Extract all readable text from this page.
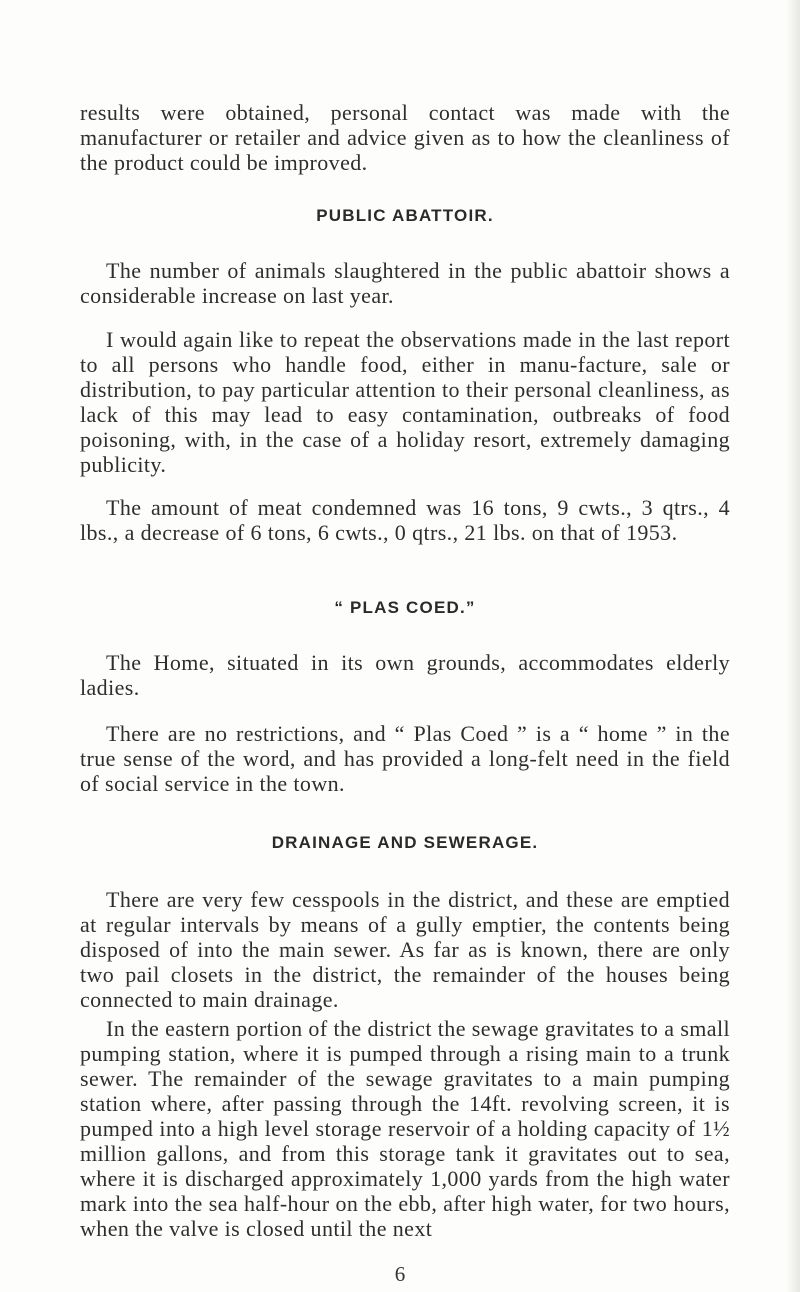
results were obtained, personal contact was made with the manufacturer or retailer and advice given as to how the cleanliness of the product could be improved.

PUBLIC ABATTOIR.

The number of animals slaughtered in the public abattoir shows a considerable increase on last year.

I would again like to repeat the observations made in the last report to all persons who handle food, either in manu-facture, sale or distribution, to pay particular attention to their personal cleanliness, as lack of this may lead to easy contamination, outbreaks of food poisoning, with, in the case of a holiday resort, extremely damaging publicity.

The amount of meat condemned was 16 tons, 9 cwts., 3 qtrs., 4 lbs., a decrease of 6 tons, 6 cwts., 0 qtrs., 21 lbs. on that of 1953.

“ PLAS COED.”

The Home, situated in its own grounds, accommodates elderly ladies.

There are no restrictions, and “ Plas Coed ” is a “ home ” in the true sense of the word, and has provided a long-felt need in the field of social service in the town.

DRAINAGE AND SEWERAGE.

There are very few cesspools in the district, and these are emptied at regular intervals by means of a gully emptier, the contents being disposed of into the main sewer. As far as is known, there are only two pail closets in the district, the remainder of the houses being connected to main drainage.

In the eastern portion of the district the sewage gravitates to a small pumping station, where it is pumped through a rising main to a trunk sewer. The remainder of the sewage gravitates to a main pumping station where, after passing through the 14ft. revolving screen, it is pumped into a high level storage reservoir of a holding capacity of 1½ million gallons, and from this storage tank it gravitates out to sea, where it is discharged approximately 1,000 yards from the high water mark into the sea half-hour on the ebb, after high water, for two hours, when the valve is closed until the next

6
